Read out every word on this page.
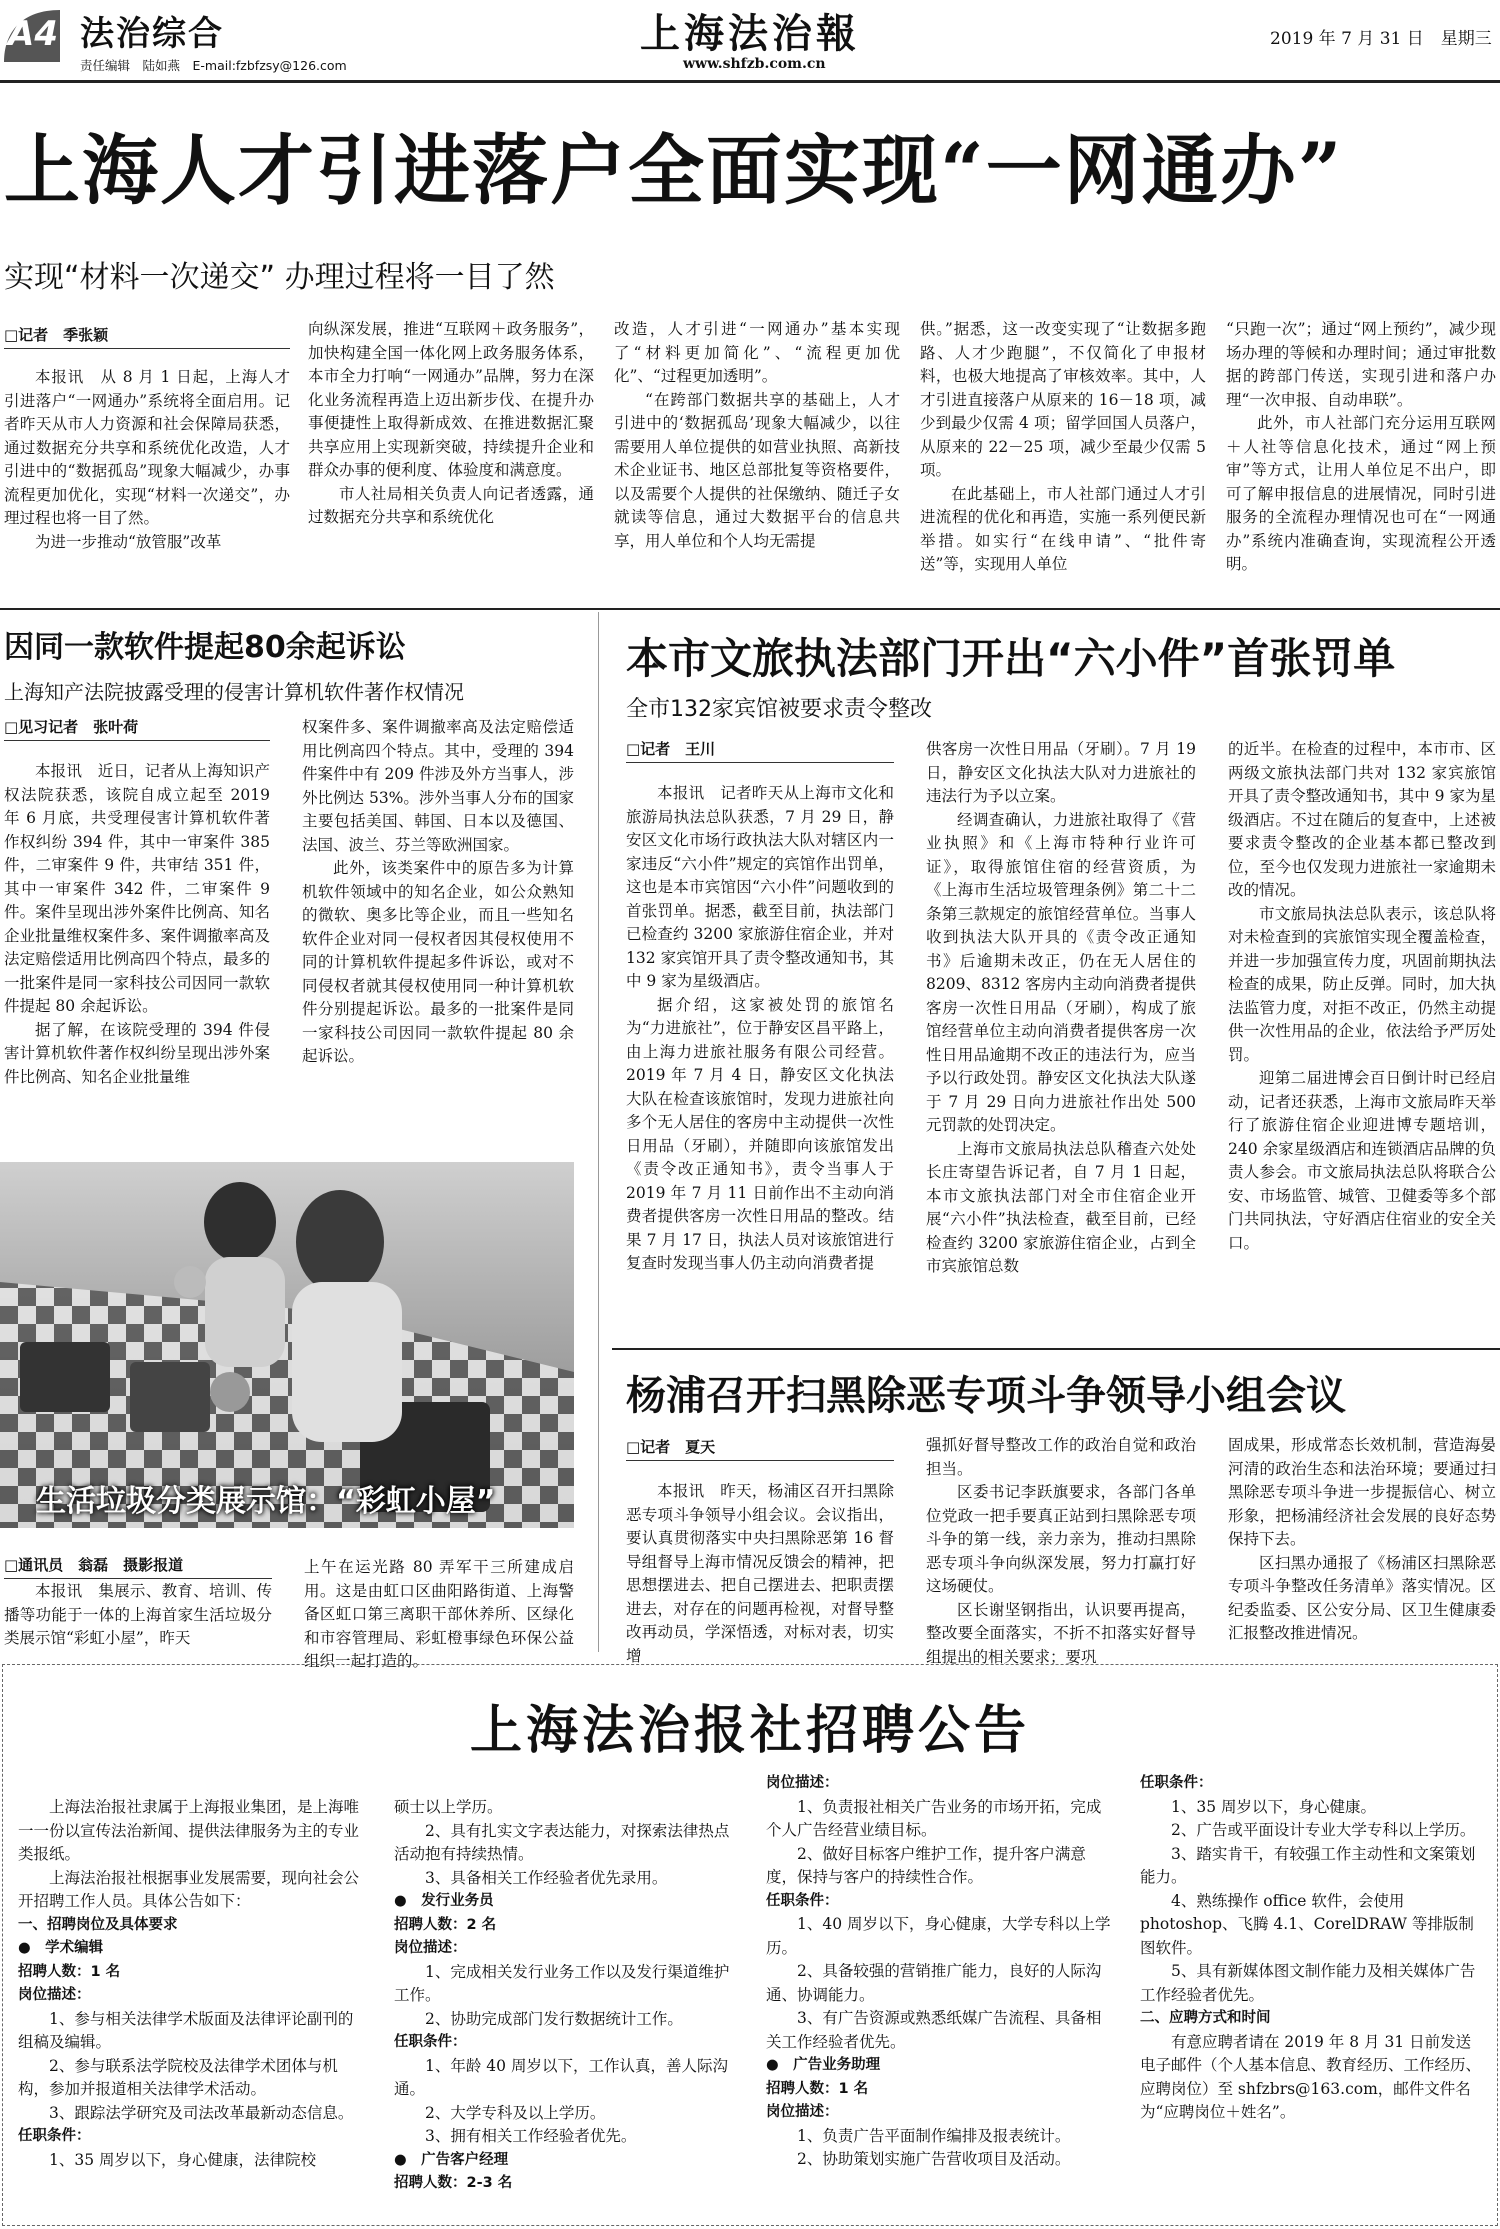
A4 法治综合
责任编辑　陆如燕　E-mail:fzbfzsy@126.com
上海法治報
www.shfzb.com.cn
2019 年 7 月 31 日　星期三
上海人才引进落户全面实现“一网通办”
实现“材料一次递交” 办理过程将一目了然
□记者　季张颖

本报讯　从 8 月 1 日起，上海人才引进落户“一网通办”系统将全面启用。记者昨天从市人力资源和社会保障局获悉，通过数据充分共享和系统优化改造，人才引进中的“数据孤岛”现象大幅减少，办事流程更加优化，实现“材料一次递交”，办理过程也将一目了然。

为进一步推动“放管服”改革

向纵深发展，推进“互联网＋政务服务”，加快构建全国一体化网上政务服务体系，本市全力打响“一网通办”品牌，努力在深化业务流程再造上迈出新步伐、在提升办事便捷性上取得新成效、在推进数据汇聚共享应用上实现新突破，持续提升企业和群众办事的便利度、体验度和满意度。

市人社局相关负责人向记者透露，通过数据充分共享和系统优化

改造，人才引进“一网通办”基本实现了“材料更加简化”、“流程更加优化”、“过程更加透明”。

“在跨部门数据共享的基础上，人才引进中的‘数据孤岛’现象大幅减少，以往需要用人单位提供的如营业执照、高新技术企业证书、地区总部批复等资格要件，以及需要个人提供的社保缴纳、随迁子女就读等信息，通过大数据平台的信息共享，用人单位和个人均无需提

供。”据悉，这一改变实现了“让数据多跑路、人才少跑腿”，不仅简化了申报材料，也极大地提高了审核效率。其中，人才引进直接落户从原来的 16－18 项，减少到最少仅需 4 项；留学回国人员落户，从原来的 22－25 项，减少至最少仅需 5 项。

在此基础上，市人社部门通过人才引进流程的优化和再造，实施一系列便民新举措。如实行“在线申请”、“批件寄送”等，实现用人单位

“只跑一次”；通过“网上预约”，减少现场办理的等候和办理时间；通过审批数据的跨部门传送，实现引进和落户办理“一次申报、自动串联”。

此外，市人社部门充分运用互联网＋人社等信息化技术，通过“网上预审”等方式，让用人单位足不出户，即可了解申报信息的进展情况，同时引进服务的全流程办理情况也可在“一网通办”系统内准确查询，实现流程公开透明。

因同一款软件提起80余起诉讼
上海知产法院披露受理的侵害计算机软件著作权情况
□见习记者　张叶荷

本报讯　近日，记者从上海知识产权法院获悉，该院自成立起至 2019 年 6 月底，共受理侵害计算机软件著作权纠纷 394 件，其中一审案件 385 件，二审案件 9 件，共审结 351 件，其中一审案件 342 件，二审案件 9 件。案件呈现出涉外案件比例高、知名企业批量维权案件多、案件调撤率高及法定赔偿适用比例高四个特点，最多的一批案件是同一家科技公司因同一款软件提起 80 余起诉讼。

据了解，在该院受理的 394 件侵害计算机软件著作权纠纷呈现出涉外案件比例高、知名企业批量维

权案件多、案件调撤率高及法定赔偿适用比例高四个特点。其中，受理的 394 件案件中有 209 件涉及外方当事人，涉外比例达 53%。涉外当事人分布的国家主要包括美国、韩国、日本以及德国、法国、波兰、芬兰等欧洲国家。

此外，该类案件中的原告多为计算机软件领域中的知名企业，如公众熟知的微软、奥多比等企业，而且一些知名软件企业对同一侵权者因其侵权使用不同的计算机软件提起多件诉讼，或对不同侵权者就其侵权使用同一种计算机软件分别提起诉讼。最多的一批案件是同一家科技公司因同一款软件提起 80 余起诉讼。

生活垃圾分类展示馆：“彩虹小屋”
□通讯员　翁磊　摄影报道

本报讯　集展示、教育、培训、传播等功能于一体的上海首家生活垃圾分类展示馆“彩虹小屋”，昨天

上午在运光路 80 弄军干三所建成启用。这是由虹口区曲阳路街道、上海警备区虹口第三离职干部休养所、区绿化和市容管理局、彩虹橙事绿色环保公益组织一起打造的。

本市文旅执法部门开出“六小件”首张罚单
全市132家宾馆被要求责令整改
□记者　王川

本报讯　记者昨天从上海市文化和旅游局执法总队获悉，7 月 29 日，静安区文化市场行政执法大队对辖区内一家违反“六小件”规定的宾馆作出罚单，这也是本市宾馆因“六小件”问题收到的首张罚单。据悉，截至目前，执法部门已检查约 3200 家旅游住宿企业，并对 132 家宾馆开具了责令整改通知书，其中 9 家为星级酒店。

据介绍，这家被处罚的旅馆名为“力进旅社”，位于静安区昌平路上，由上海力进旅社服务有限公司经营。2019 年 7 月 4 日，静安区文化执法大队在检查该旅馆时，发现力进旅社向多个无人居住的客房中主动提供一次性日用品（牙刷），并随即向该旅馆发出《责令改正通知书》，责令当事人于 2019 年 7 月 11 日前作出不主动向消费者提供客房一次性日用品的整改。结果 7 月 17 日，执法人员对该旅馆进行复查时发现当事人仍主动向消费者提

供客房一次性日用品（牙刷）。7 月 19 日，静安区文化执法大队对力进旅社的违法行为予以立案。

经调查确认，力进旅社取得了《营业执照》和《上海市特种行业许可证》，取得旅馆住宿的经营资质，为《上海市生活垃圾管理条例》第二十二条第三款规定的旅馆经营单位。当事人收到执法大队开具的《责令改正通知书》后逾期未改正，仍在无人居住的 8209、8312 客房内主动向消费者提供客房一次性日用品（牙刷），构成了旅馆经营单位主动向消费者提供客房一次性日用品逾期不改正的违法行为，应当予以行政处罚。静安区文化执法大队遂于 7 月 29 日向力进旅社作出处 500 元罚款的处罚决定。

上海市文旅局执法总队稽查六处处长庄寄望告诉记者，自 7 月 1 日起，本市文旅执法部门对全市住宿企业开展“六小件”执法检查，截至目前，已经检查约 3200 家旅游住宿企业，占到全市宾旅馆总数

的近半。在检查的过程中，本市市、区两级文旅执法部门共对 132 家宾旅馆开具了责令整改通知书，其中 9 家为星级酒店。不过在随后的复查中，上述被要求责令整改的企业基本都已整改到位，至今也仅发现力进旅社一家逾期未改的情况。

市文旅局执法总队表示，该总队将对未检查到的宾旅馆实现全覆盖检查，并进一步加强宣传力度，巩固前期执法检查的成果，防止反弹。同时，加大执法监管力度，对拒不改正，仍然主动提供一次性用品的企业，依法给予严厉处罚。

迎第二届进博会百日倒计时已经启动，记者还获悉，上海市文旅局昨天举行了旅游住宿企业迎进博专题培训，240 余家星级酒店和连锁酒店品牌的负责人参会。市文旅局执法总队将联合公安、市场监管、城管、卫健委等多个部门共同执法，守好酒店住宿业的安全关口。

杨浦召开扫黑除恶专项斗争领导小组会议
□记者　夏天

本报讯　昨天，杨浦区召开扫黑除恶专项斗争领导小组会议。会议指出，要认真贯彻落实中央扫黑除恶第 16 督导组督导上海市情况反馈会的精神，把思想摆进去、把自己摆进去、把职责摆进去，对存在的问题再检视，对督导整改再动员，学深悟透，对标对表，切实增

强抓好督导整改工作的政治自觉和政治担当。

区委书记李跃旗要求，各部门各单位党政一把手要真正站到扫黑除恶专项斗争的第一线，亲力亲为，推动扫黑除恶专项斗争向纵深发展，努力打赢打好这场硬仗。

区长谢坚钢指出，认识要再提高，整改要全面落实，不折不扣落实好督导组提出的相关要求；要巩

固成果，形成常态长效机制，营造海晏河清的政治生态和法治环境；要通过扫黑除恶专项斗争进一步提振信心、树立形象，把杨浦经济社会发展的良好态势保持下去。

区扫黑办通报了《杨浦区扫黑除恶专项斗争整改任务清单》落实情况。区纪委监委、区公安分局、区卫生健康委汇报整改推进情况。

上海法治报社招聘公告

上海法治报社隶属于上海报业集团，是上海唯一一份以宣传法治新闻、提供法律服务为主的专业类报纸。

上海法治报社根据事业发展需要，现向社会公开招聘工作人员。具体公告如下：

一、招聘岗位及具体要求

●　学术编辑

招聘人数：1 名

岗位描述：

1、参与相关法律学术版面及法律评论副刊的组稿及编辑。

2、参与联系法学院校及法律学术团体与机构，参加并报道相关法律学术活动。

3、跟踪法学研究及司法改革最新动态信息。

任职条件：

1、35 周岁以下，身心健康，法律院校

硕士以上学历。

2、具有扎实文字表达能力，对探索法律热点活动抱有持续热情。

3、具备相关工作经验者优先录用。

●　发行业务员

招聘人数：2 名

岗位描述：

1、完成相关发行业务工作以及发行渠道维护工作。

2、协助完成部门发行数据统计工作。

任职条件：

1、年龄 40 周岁以下，工作认真，善人际沟通。

2、大学专科及以上学历。

3、拥有相关工作经验者优先。

●　广告客户经理

招聘人数：2-3 名

岗位描述：

1、负责报社相关广告业务的市场开拓，完成个人广告经营业绩目标。

2、做好目标客户维护工作，提升客户满意度，保持与客户的持续性合作。

任职条件：

1、40 周岁以下，身心健康，大学专科以上学历。

2、具备较强的营销推广能力，良好的人际沟通、协调能力。

3、有广告资源或熟悉纸媒广告流程、具备相关工作经验者优先。

●　广告业务助理

招聘人数：1 名

岗位描述：

1、负责广告平面制作编排及报表统计。

2、协助策划实施广告营收项目及活动。

任职条件：

1、35 周岁以下，身心健康。

2、广告或平面设计专业大学专科以上学历。

3、踏实肯干，有较强工作主动性和文案策划能力。

4、熟练操作 office 软件，会使用 photoshop、飞腾 4.1、CorelDRAW 等排版制图软件。

5、具有新媒体图文制作能力及相关媒体广告工作经验者优先。

二、应聘方式和时间

有意应聘者请在 2019 年 8 月 31 日前发送电子邮件（个人基本信息、教育经历、工作经历、应聘岗位）至 shfzbrs@163.com，邮件文件名为“应聘岗位＋姓名”。
